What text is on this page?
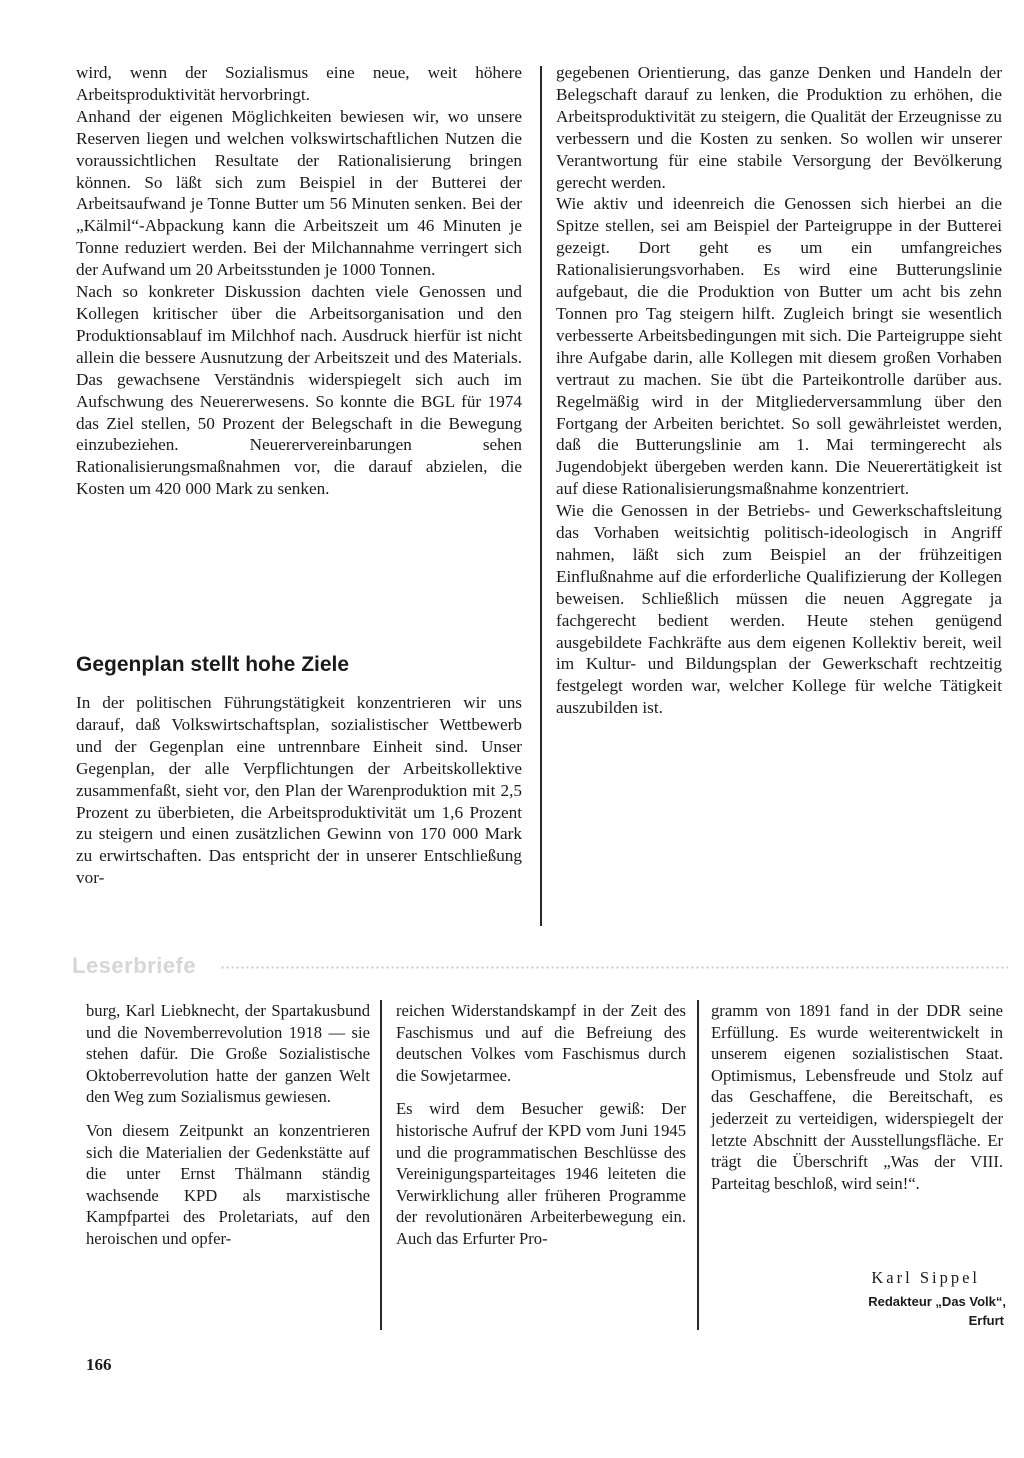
wird, wenn der Sozialismus eine neue, weit höhere Arbeitsproduktivität hervorbringt.

Anhand der eigenen Möglichkeiten bewiesen wir, wo unsere Reserven liegen und welchen volkswirtschaftlichen Nutzen die voraussichtlichen Resultate der Rationalisierung bringen können. So läßt sich zum Beispiel in der Butterei der Arbeitsaufwand je Tonne Butter um 56 Minuten senken. Bei der „Kälmil“-Abpackung kann die Arbeitszeit um 46 Minuten je Tonne reduziert werden. Bei der Milchannahme verringert sich der Aufwand um 20 Arbeitsstunden je 1000 Tonnen.

Nach so konkreter Diskussion dachten viele Genossen und Kollegen kritischer über die Arbeitsorganisation und den Produktionsablauf im Milchhof nach. Ausdruck hierfür ist nicht allein die bessere Ausnutzung der Arbeitszeit und des Materials. Das gewachsene Verständnis widerspiegelt sich auch im Aufschwung des Neuererwesens. So konnte die BGL für 1974 das Ziel stellen, 50 Prozent der Belegschaft in die Bewegung einzubeziehen. Neuerervereinbarungen sehen Rationalisierungsmaßnahmen vor, die darauf abzielen, die Kosten um 420 000 Mark zu senken.

Gegenplan stellt hohe Ziele

In der politischen Führungstätigkeit konzentrieren wir uns darauf, daß Volkswirtschaftsplan, sozialistischer Wettbewerb und der Gegenplan eine untrennbare Einheit sind. Unser Gegenplan, der alle Verpflichtungen der Arbeitskollektive zusammenfaßt, sieht vor, den Plan der Warenproduktion mit 2,5 Prozent zu überbieten, die Arbeitsproduktivität um 1,6 Prozent zu steigern und einen zusätzlichen Gewinn von 170 000 Mark zu erwirtschaften. Das entspricht der in unserer Entschließung vor-

gegebenen Orientierung, das ganze Denken und Handeln der Belegschaft darauf zu lenken, die Produktion zu erhöhen, die Arbeitsproduktivität zu steigern, die Qualität der Erzeugnisse zu verbessern und die Kosten zu senken. So wollen wir unserer Verantwortung für eine stabile Versorgung der Bevölkerung gerecht werden.

Wie aktiv und ideenreich die Genossen sich hierbei an die Spitze stellen, sei am Beispiel der Parteigruppe in der Butterei gezeigt. Dort geht es um ein umfangreiches Rationalisierungsvorhaben. Es wird eine Butterungslinie aufgebaut, die die Produktion von Butter um acht bis zehn Tonnen pro Tag steigern hilft. Zugleich bringt sie wesentlich verbesserte Arbeitsbedingungen mit sich. Die Parteigruppe sieht ihre Aufgabe darin, alle Kollegen mit diesem großen Vorhaben vertraut zu machen. Sie übt die Parteikontrolle darüber aus. Regelmäßig wird in der Mitgliederversammlung über den Fortgang der Arbeiten berichtet. So soll gewährleistet werden, daß die Butterungslinie am 1. Mai termingerecht als Jugendobjekt übergeben werden kann. Die Neuerertätigkeit ist auf diese Rationalisierungsmaßnahme konzentriert.

Wie die Genossen in der Betriebs- und Gewerkschaftsleitung das Vorhaben weitsichtig politisch-ideologisch in Angriff nahmen, läßt sich zum Beispiel an der frühzeitigen Einflußnahme auf die erforderliche Qualifizierung der Kollegen beweisen. Schließlich müssen die neuen Aggregate ja fachgerecht bedient werden. Heute stehen genügend ausgebildete Fachkräfte aus dem eigenen Kollektiv bereit, weil im Kultur- und Bildungsplan der Gewerkschaft rechtzeitig festgelegt worden war, welcher Kollege für welche Tätigkeit auszubilden ist.

Leserbriefe

burg, Karl Liebknecht, der Spartakusbund und die Novemberrevolution 1918 — sie stehen dafür. Die Große Sozialistische Oktoberrevolution hatte der ganzen Welt den Weg zum Sozialismus gewiesen.

Von diesem Zeitpunkt an konzentrieren sich die Materialien der Gedenkstätte auf die unter Ernst Thälmann ständig wachsende KPD als marxistische Kampfpartei des Proletariats, auf den heroischen und opfer-

reichen Widerstandskampf in der Zeit des Faschismus und auf die Befreiung des deutschen Volkes vom Faschismus durch die Sowjetarmee.

Es wird dem Besucher gewiß: Der historische Aufruf der KPD vom Juni 1945 und die programmatischen Beschlüsse des Vereinigungsparteitages 1946 leiteten die Verwirklichung aller früheren Programme der revolutionären Arbeiterbewegung ein. Auch das Erfurter Pro-

gramm von 1891 fand in der DDR seine Erfüllung. Es wurde weiterentwickelt in unserem eigenen sozialistischen Staat. Optimismus, Lebensfreude und Stolz auf das Geschaffene, die Bereitschaft, es jederzeit zu verteidigen, widerspiegelt der letzte Abschnitt der Ausstellungsfläche. Er trägt die Überschrift „Was der VIII. Parteitag beschloß, wird sein!“.

Karl Sippel

Redakteur „Das Volk“,

Erfurt

166
